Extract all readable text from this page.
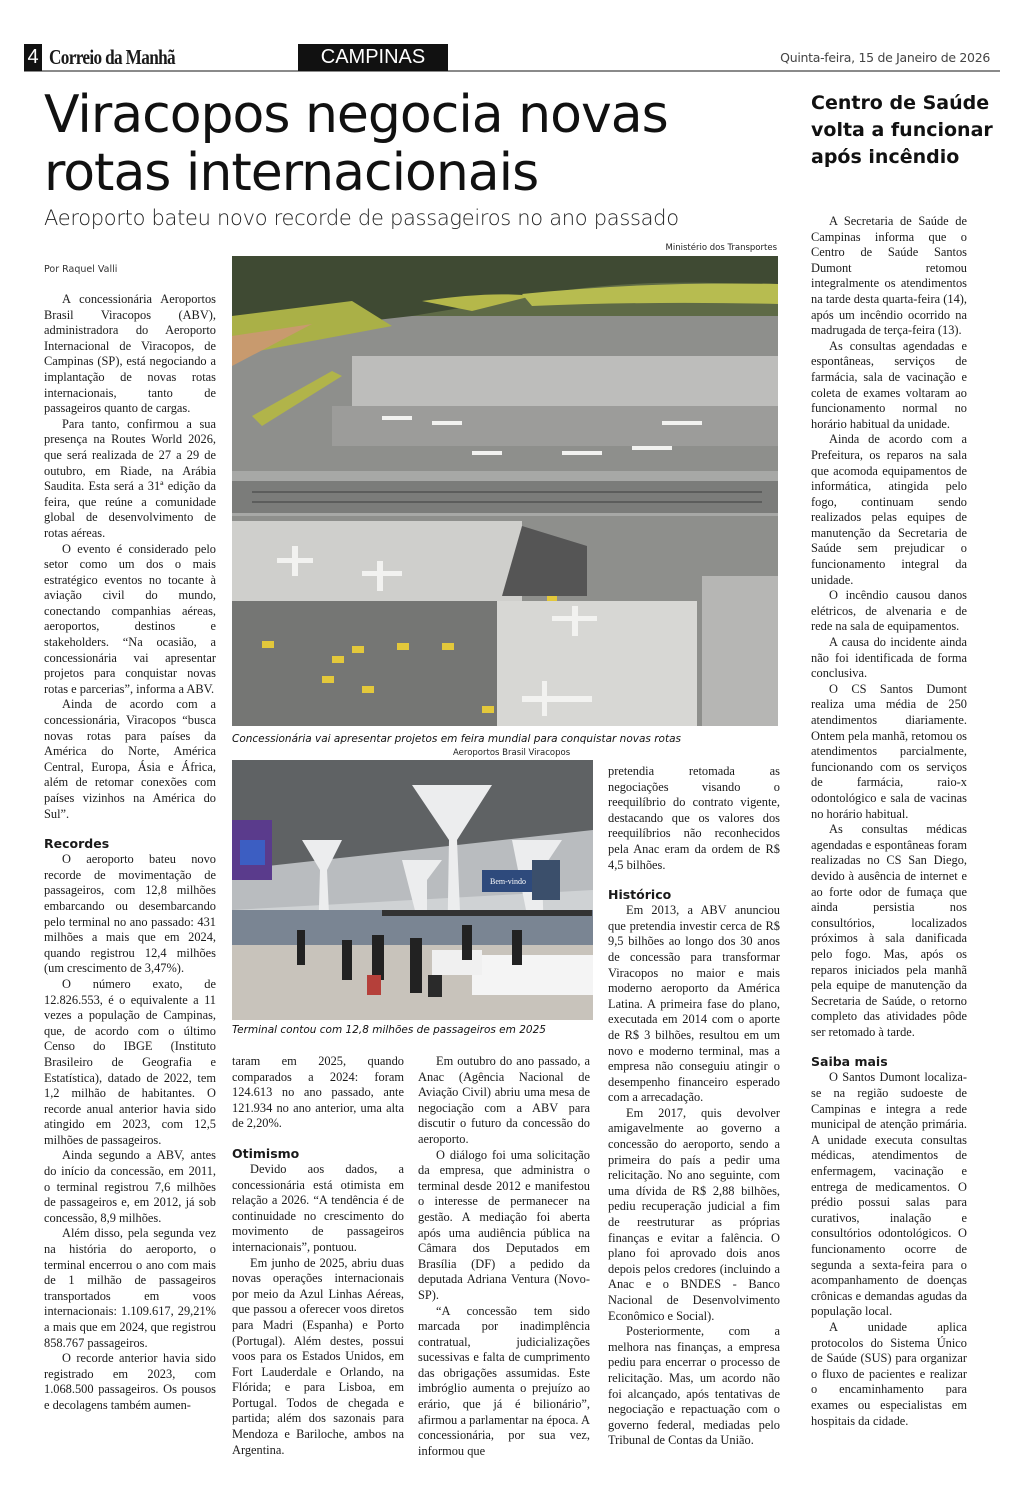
4 Correio da Manhã	CAMPINAS	Quinta-feira, 15 de Janeiro de 2026
Viracopos negocia novas rotas internacionais
Aeroporto bateu novo recorde de passageiros no ano passado
Por Raquel Valli
Ministério dos Transportes
Concessionária vai apresentar projetos em feira mundial para conquistar novas rotas
Aeroportos Brasil Viracopos
Bem-vindo
Terminal contou com 12,8 milhões de passageiros em 2025

A concessionária Aeroportos Brasil Viracopos (ABV), administradora do Aeroporto Internacional de Viracopos, de Campinas (SP), está negociando a implantação de novas rotas internacionais, tanto de passageiros quanto de cargas.

Para tanto, confirmou a sua presença na Routes World 2026, que será realizada de 27 a 29 de outubro, em Riade, na Arábia Saudita. Esta será a 31ª edição da feira, que reúne a comunidade global de desenvolvimento de rotas aéreas.

O evento é considerado pelo setor como um dos o mais estratégico eventos no tocante à aviação civil do mundo, conectando companhias aéreas, aeroportos, destinos e stakeholders. “Na ocasião, a concessionária vai apresentar projetos para conquistar novas rotas e parcerias”, informa a ABV.

Ainda de acordo com a concessionária, Viracopos “busca novas rotas para países da América do Norte, América Central, Europa, Ásia e África, além de retomar conexões com países vizinhos na América do Sul”.

Recordes

O aeroporto bateu novo recorde de movimentação de passageiros, com 12,8 milhões embarcando ou desembarcando pelo terminal no ano passado: 431 milhões a mais que em 2024, quando registrou 12,4 milhões (um crescimento de 3,47%).

O número exato, de 12.826.553, é o equivalente a 11 vezes a população de Campinas, que, de acordo com o último Censo do IBGE (Instituto Brasileiro de Geografia e Estatística), datado de 2022, tem 1,2 milhão de habitantes. O recorde anual anterior havia sido atingido em 2023, com 12,5 milhões de passageiros.

Ainda segundo a ABV, antes do início da concessão, em 2011, o terminal registrou 7,6 milhões de passageiros e, em 2012, já sob concessão, 8,9 milhões.

Além disso, pela segunda vez na história do aeroporto, o terminal encerrou o ano com mais de 1 milhão de passageiros transportados em voos internacionais: 1.109.617, 29,21% a mais que em 2024, que registrou 858.767 passageiros.

O recorde anterior havia sido registrado em 2023, com 1.068.500 passageiros. Os pousos e decolagens também aumen-

taram em 2025, quando comparados a 2024: foram 124.613 no ano passado, ante 121.934 no ano anterior, uma alta de 2,20%.

Otimismo

Devido aos dados, a concessionária está otimista em relação a 2026. “A tendência é de continuidade no crescimento do movimento de passageiros internacionais”, pontuou.

Em junho de 2025, abriu duas novas operações internacionais por meio da Azul Linhas Aéreas, que passou a oferecer voos diretos para Madri (Espanha) e Porto (Portugal). Além destes, possui voos para os Estados Unidos, em Fort Lauderdale e Orlando, na Flórida; e para Lisboa, em Portugal. Todos de chegada e partida; além dos sazonais para Mendoza e Bariloche, ambos na Argentina.

Em outubro do ano passado, a Anac (Agência Nacional de Aviação Civil) abriu uma mesa de negociação com a ABV para discutir o futuro da concessão do aeroporto.

O diálogo foi uma solicitação da empresa, que administra o terminal desde 2012 e manifestou o interesse de permanecer na gestão. A mediação foi aberta após uma audiência pública na Câmara dos Deputados em Brasília (DF) a pedido da deputada Adriana Ventura (Novo-SP).

“A concessão tem sido marcada por inadimplência contratual, judicializações sucessivas e falta de cumprimento das obrigações assumidas. Este imbróglio aumenta o prejuízo ao erário, que já é bilionário”, afirmou a parlamentar na época. A concessionária, por sua vez, informou que

pretendia retomada as negociações visando o reequilíbrio do contrato vigente, destacando que os valores dos reequilíbrios não reconhecidos pela Anac eram da ordem de R$ 4,5 bilhões.

Histórico

Em 2013, a ABV anunciou que pretendia investir cerca de R$ 9,5 bilhões ao longo dos 30 anos de concessão para transformar Viracopos no maior e mais moderno aeroporto da América Latina. A primeira fase do plano, executada em 2014 com o aporte de R$ 3 bilhões, resultou em um novo e moderno terminal, mas a empresa não conseguiu atingir o desempenho financeiro esperado com a arrecadação.

Em 2017, quis devolver amigavelmente ao governo a concessão do aeroporto, sendo a primeira do país a pedir uma relicitação. No ano seguinte, com uma dívida de R$ 2,88 bilhões, pediu recuperação judicial a fim de reestruturar as próprias finanças e evitar a falência. O plano foi aprovado dois anos depois pelos credores (incluindo a Anac e o BNDES - Banco Nacional de Desenvolvimento Econômico e Social).

Posteriormente, com a melhora nas finanças, a empresa pediu para encerrar o processo de relicitação. Mas, um acordo não foi alcançado, após tentativas de negociação e repactuação com o governo federal, mediadas pelo Tribunal de Contas da União.

Centro de Saúde volta a funcionar após incêndio

A Secretaria de Saúde de Campinas informa que o Centro de Saúde Santos Dumont retomou integralmente os atendimentos na tarde desta quarta-feira (14), após um incêndio ocorrido na madrugada de terça-feira (13).

As consultas agendadas e espontâneas, serviços de farmácia, sala de vacinação e coleta de exames voltaram ao funcionamento normal no horário habitual da unidade.

Ainda de acordo com a Prefeitura, os reparos na sala que acomoda equipamentos de informática, atingida pelo fogo, continuam sendo realizados pelas equipes de manutenção da Secretaria de Saúde sem prejudicar o funcionamento integral da unidade.

O incêndio causou danos elétricos, de alvenaria e de rede na sala de equipamentos.

A causa do incidente ainda não foi identificada de forma conclusiva.

O CS Santos Dumont realiza uma média de 250 atendimentos diariamente. Ontem pela manhã, retomou os atendimentos parcialmente, funcionando com os serviços de farmácia, raio-x odontológico e sala de vacinas no horário habitual.

As consultas médicas agendadas e espontâneas foram realizadas no CS San Diego, devido à ausência de internet e ao forte odor de fumaça que ainda persistia nos consultórios, localizados próximos à sala danificada pelo fogo. Mas, após os reparos iniciados pela manhã pela equipe de manutenção da Secretaria de Saúde, o retorno completo das atividades pôde ser retomado à tarde.

Saiba mais

O Santos Dumont localiza-se na região sudoeste de Campinas e integra a rede municipal de atenção primária. A unidade executa consultas médicas, atendimentos de enfermagem, vacinação e entrega de medicamentos. O prédio possui salas para curativos, inalação e consultórios odontológicos. O funcionamento ocorre de segunda a sexta-feira para o acompanhamento de doenças crônicas e demandas agudas da população local.

A unidade aplica protocolos do Sistema Único de Saúde (SUS) para organizar o fluxo de pacientes e realizar o encaminhamento para exames ou especialistas em hospitais da cidade.
